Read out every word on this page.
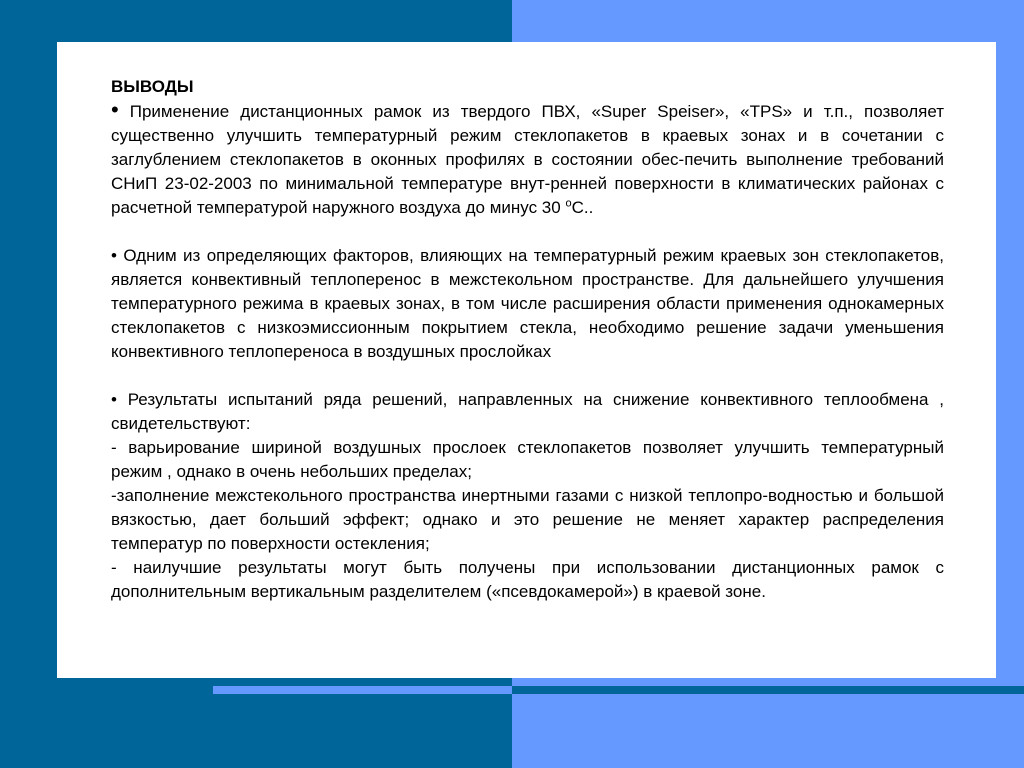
ВЫВОДЫ

• Применение дистанционных рамок из твердого ПВХ, «Super Speiser», «TPS» и т.п., позволяет существенно улучшить температурный режим стеклопакетов в краевых зонах и в сочетании с заглублением стеклопакетов в оконных профилях в состоянии обес-печить выполнение требований СНиП 23-02-2003 по минимальной температуре внут-ренней поверхности в климатических районах с расчетной температурой наружного воздуха до минус 30 $^о$С..

• Одним из определяющих факторов, влияющих на температурный режим краевых зон стеклопакетов, является конвективный теплоперенос в межстекольном пространстве. Для дальнейшего улучшения температурного режима в краевых зонах, в том числе расширения области применения однокамерных стеклопакетов с низкоэмиссионным покрытием стекла, необходимо решение задачи уменьшения конвективного теплопереноса в воздушных прослойках

• Результаты испытаний ряда решений, направленных на снижение конвективного теплообмена , свидетельствуют:

- варьирование шириной воздушных прослоек стеклопакетов позволяет улучшить температурный режим , однако в очень небольших пределах;

-заполнение межстекольного пространства инертными газами с низкой теплопро-водностью и большой вязкостью, дает больший эффект; однако и это решение не меняет характер распределения температур по поверхности остекления;

- наилучшие результаты могут быть получены при использовании дистанционных рамок с дополнительным вертикальным разделителем («псевдокамерой») в краевой зоне.
